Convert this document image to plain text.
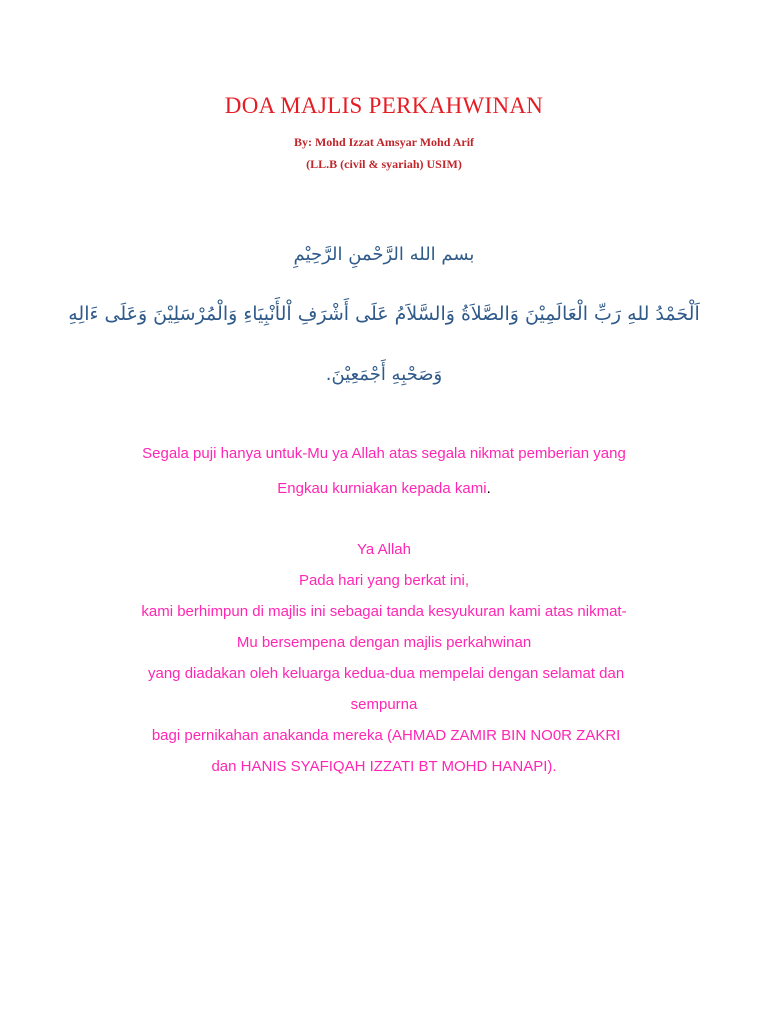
DOA MAJLIS PERKAHWINAN
By: Mohd Izzat Amsyar Mohd Arif
(LL.B (civil & syariah) USIM)
بسم الله الرَّحْمنِ الرَّحِيْمِ
اَلْحَمْدُ للهِ رَبِّ الْعَالَمِيْنَ وَالصَّلاَةُ وَالسَّلاَمُ عَلَى أَشْرَفِ اْلأَنْبِيَاءِ وَالْمُرْسَلِيْنَ وَعَلَى ءَالِهِ
وَصَحْبِهِ أَجْمَعِيْنَ.
Segala puji hanya untuk-Mu ya Allah atas segala nikmat pemberian yang
Engkau kurniakan kepada kami.
Ya Allah
Pada hari yang berkat ini,
kami berhimpun di majlis ini sebagai tanda kesyukuran kami atas nikmat-
Mu bersempena dengan majlis perkahwinan
yang diadakan oleh keluarga kedua-dua mempelai dengan selamat dan
sempurna
bagi pernikahan anakanda mereka (AHMAD ZAMIR BIN NO0R ZAKRI
dan HANIS SYAFIQAH IZZATI BT MOHD HANAPI).
